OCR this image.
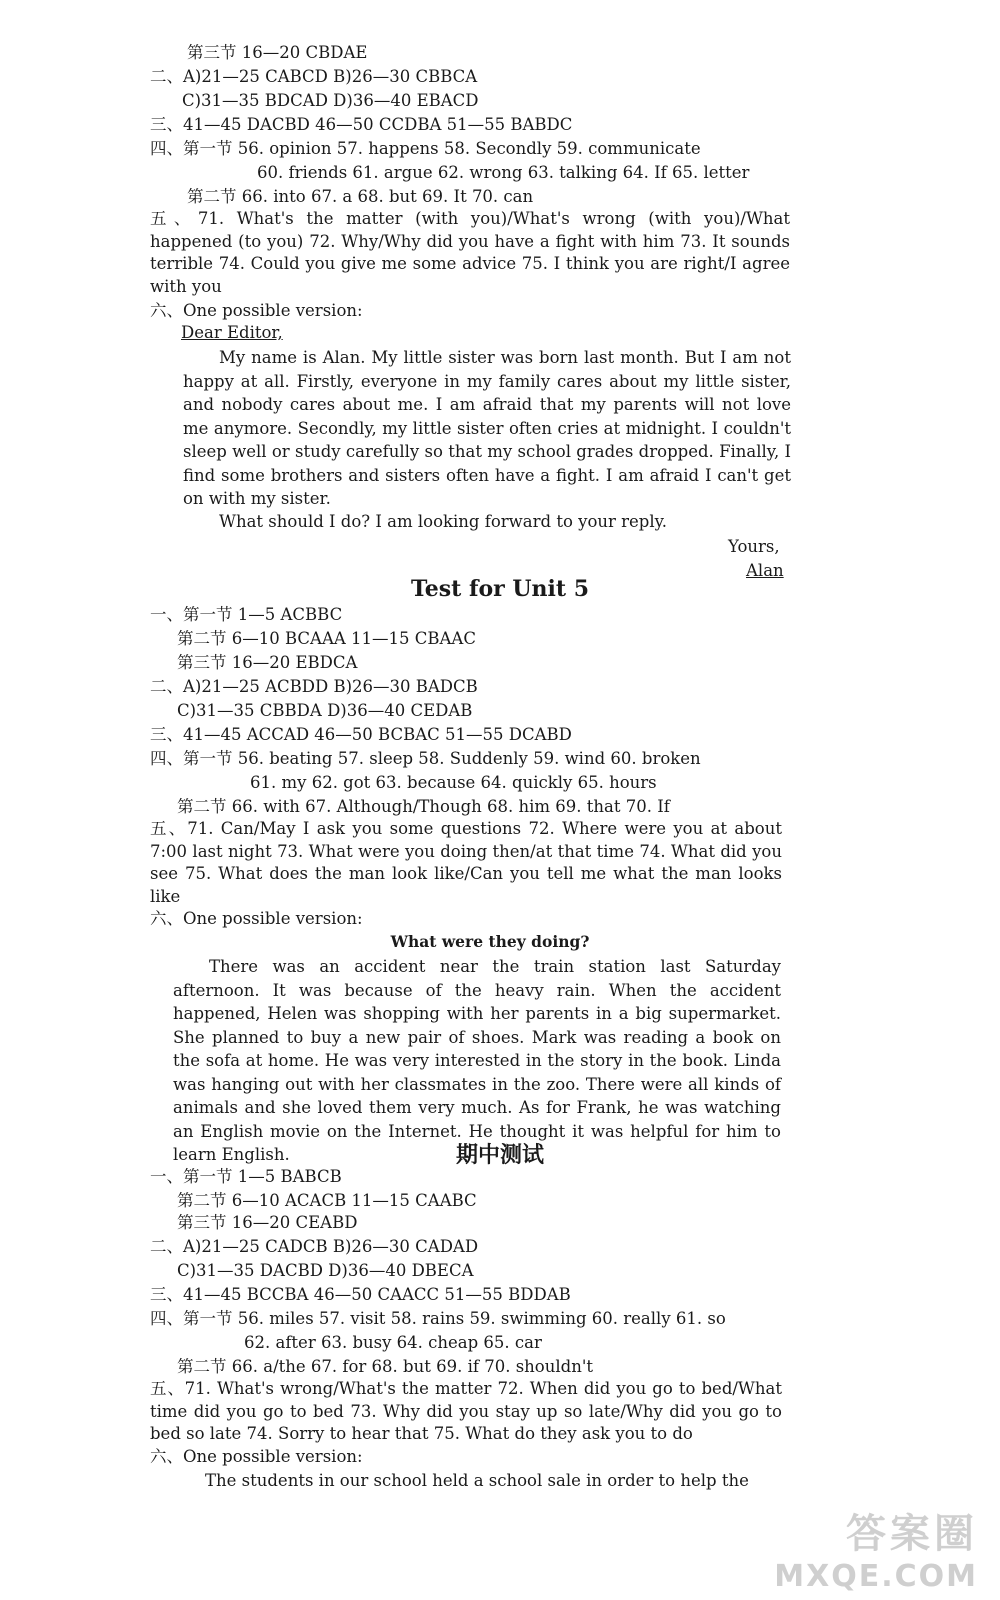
第三节 16—20 CBDAE
二、A)21—25 CABCD B)26—30 CBBCA
C)31—35 BDCAD D)36—40 EBACD
三、41—45 DACBD 46—50 CCDBA 51—55 BABDC
四、第一节 56. opinion 57. happens 58. Secondly 59. communicate
60. friends 61. argue 62. wrong 63. talking 64. If 65. letter
第二节 66. into 67. a 68. but 69. It 70. can
五、71. What's the matter (with you)/What's wrong (with you)/What happened (to you) 72. Why/Why did you have a fight with him 73. It sounds terrible 74. Could you give me some advice 75. I think you are right/I agree with you
六、One possible version:
Dear Editor,
My name is Alan. My little sister was born last month. But I am not happy at all. Firstly, everyone in my family cares about my little sister, and nobody cares about me. I am afraid that my parents will not love me anymore. Secondly, my little sister often cries at midnight. I couldn't sleep well or study carefully so that my school grades dropped. Finally, I find some brothers and sisters often have a fight. I am afraid I can't get on with my sister.
What should I do? I am looking forward to your reply.
Yours,
Alan
Test for Unit 5
一、第一节 1—5 ACBBC
第二节 6—10 BCAAA 11—15 CBAAC
第三节 16—20 EBDCA
二、A)21—25 ACBDD B)26—30 BADCB
C)31—35 CBBDA D)36—40 CEDAB
三、41—45 ACCAD 46—50 BCBAC 51—55 DCABD
四、第一节 56. beating 57. sleep 58. Suddenly 59. wind 60. broken
61. my 62. got 63. because 64. quickly 65. hours
第二节 66. with 67. Although/Though 68. him 69. that 70. If
五、71. Can/May I ask you some questions 72. Where were you at about 7:00 last night 73. What were you doing then/at that time 74. What did you see 75. What does the man look like/Can you tell me what the man looks like
六、One possible version:
What were they doing?
There was an accident near the train station last Saturday afternoon. It was because of the heavy rain. When the accident happened, Helen was shopping with her parents in a big supermarket. She planned to buy a new pair of shoes. Mark was reading a book on the sofa at home. He was very interested in the story in the book. Linda was hanging out with her classmates in the zoo. There were all kinds of animals and she loved them very much. As for Frank, he was watching an English movie on the Internet. He thought it was helpful for him to learn English.	期中测试
一、第一节 1—5 BABCB
第二节 6—10 ACACB 11—15 CAABC
第三节 16—20 CEABD
二、A)21—25 CADCB B)26—30 CADAD
C)31—35 DACBD D)36—40 DBECA
三、41—45 BCCBA 46—50 CAACC 51—55 BDDAB
四、第一节 56. miles 57. visit 58. rains 59. swimming 60. really 61. so
62. after 63. busy 64. cheap 65. car
第二节 66. a/the 67. for 68. but 69. if 70. shouldn't
五、71. What's wrong/What's the matter 72. When did you go to bed/What time did you go to bed 73. Why did you stay up so late/Why did you go to bed so late 74. Sorry to hear that 75. What do they ask you to do
六、One possible version:
The students in our school held a school sale in order to help the
答案圈
MXQE.COM
